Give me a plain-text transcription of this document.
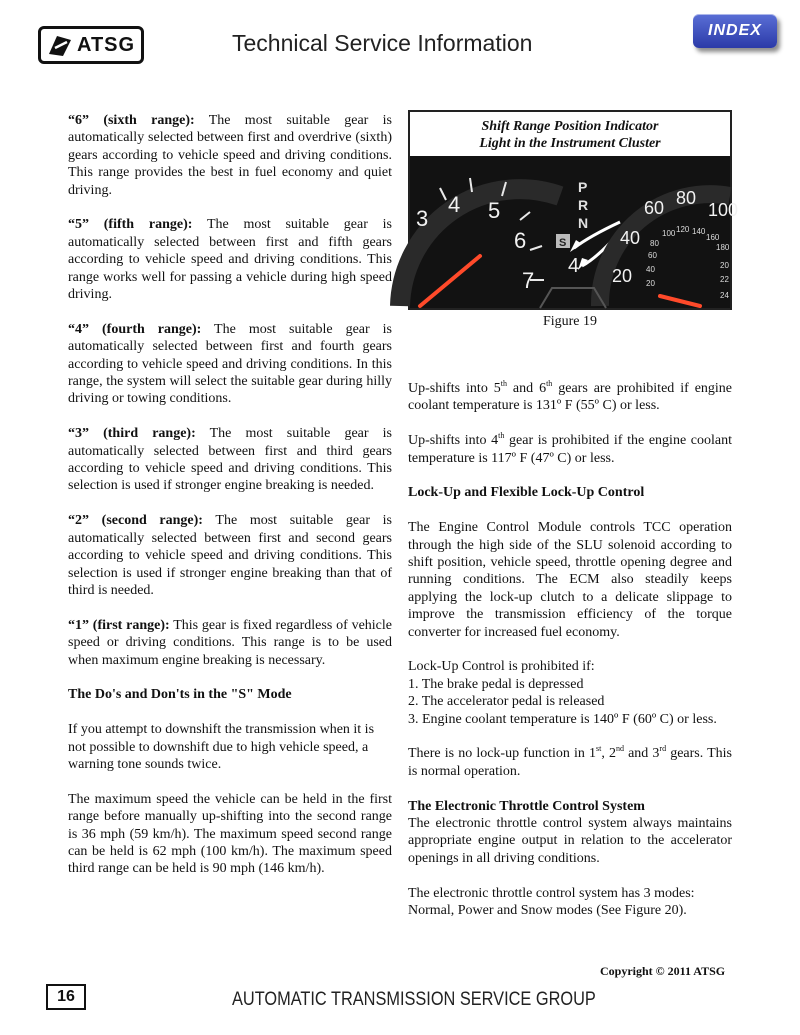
ATSG	Technical Service Information	INDEX

“6” (sixth range): The most suitable gear is automatically selected between first and overdrive (sixth) gears according to vehicle speed and driving conditions. This range provides the best in fuel economy and quiet driving.

“5” (fifth range): The most suitable gear is automatically selected between first and fifth gears according to vehicle speed and driving conditions. This range works well for passing a vehicle during high speed driving.

“4” (fourth range): The most suitable gear is automatically selected between first and fourth gears according to vehicle speed and driving conditions. In this range, the system will select the suitable gear during hilly driving or towing conditions.

“3” (third range): The most suitable gear is automatically selected between first and third gears according to vehicle speed and driving conditions. This selection is used if stronger engine breaking is needed.

“2” (second range): The most suitable gear is automatically selected between first and second gears according to vehicle speed and driving conditions. This selection is used if stronger engine breaking than that of third is needed.

“1” (first range): This gear is fixed regardless of vehicle speed or driving conditions. This range is to be used when maximum engine breaking is necessary.

The Do's and Don'ts in the "S" Mode

If you attempt to downshift the transmission when it is not possible to downshift due to high vehicle speed, a warning tone sounds twice.

The maximum speed the vehicle can be held in the first range before manually up-shifting into the second range is 36 mph (59 km/h). The maximum speed second range can be held is 62 mph (100 km/h). The maximum speed third range can be held is 90 mph (146 km/h).

Shift Range Position Indicator
Light in the Instrument Cluster
3
4 5
6
7
P
R
N
S
4
60 80
100
40
20
100 120 140
160
80
60
40
20
180
20
22
24
Figure 19

Up-shifts into 5th and 6th gears are prohibited if engine coolant temperature is 131º F (55º C) or less.

Up-shifts into 4th gear is prohibited if the engine coolant temperature is 117º F (47º C) or less.

Lock-Up and Flexible Lock-Up Control

The Engine Control Module controls TCC operation through the high side of the SLU solenoid according to shift position, vehicle speed, throttle opening degree and running conditions. The ECM also steadily keeps applying the lock-up clutch to a delicate slippage to improve the transmission efficiency of the torque converter for increased fuel economy.

Lock-Up Control is prohibited if:
1. The brake pedal is depressed
2. The accelerator pedal is released
3. Engine coolant temperature is 140º F (60º C) or less.

There is no lock-up function in 1st, 2nd and 3rd gears. This is normal operation.

The Electronic Throttle Control System

The electronic throttle control system always maintains appropriate engine output in relation to the accelerator openings in all driving conditions.

The electronic throttle control system has 3 modes: Normal, Power and Snow modes (See Figure 20).

Copyright © 2011 ATSG
16	AUTOMATIC TRANSMISSION SERVICE GROUP
